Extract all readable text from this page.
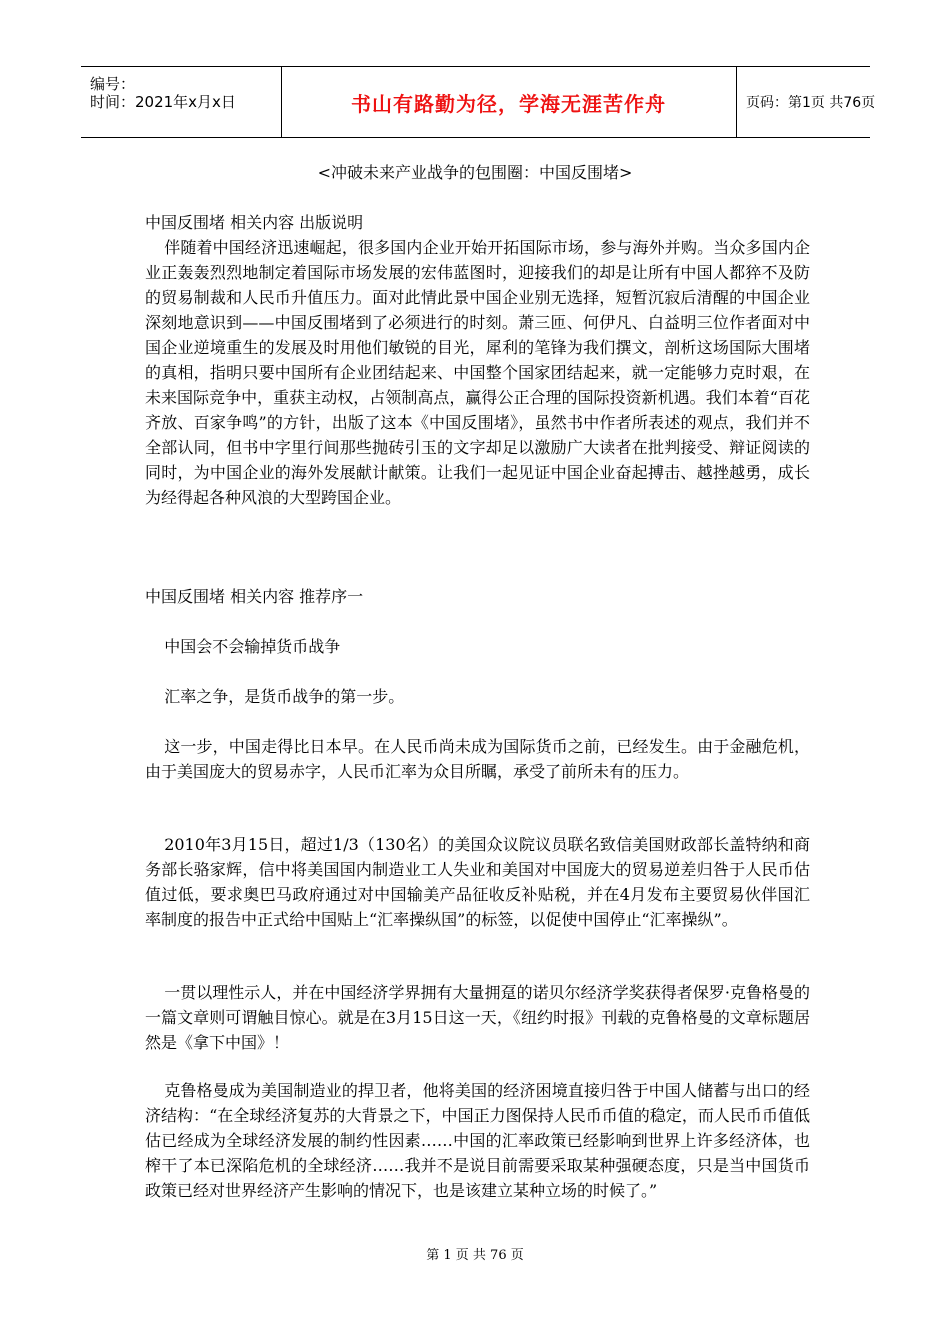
编号：
时间：2021年x月x日	书山有路勤为径，学海无涯苦作舟	页码：第1页 共76页
<冲破未来产业战争的包围圈：中国反围堵>

中国反围堵 相关内容 出版说明

伴随着中国经济迅速崛起，很多国内企业开始开拓国际市场，参与海外并购。当众多国内企业正轰轰烈烈地制定着国际市场发展的宏伟蓝图时，迎接我们的却是让所有中国人都猝不及防的贸易制裁和人民币升值压力。面对此情此景中国企业别无选择，短暂沉寂后清醒的中国企业深刻地意识到——中国反围堵到了必须进行的时刻。萧三匝、何伊凡、白益明三位作者面对中国企业逆境重生的发展及时用他们敏锐的目光，犀利的笔锋为我们撰文，剖析这场国际大围堵的真相，指明只要中国所有企业团结起来、中国整个国家团结起来，就一定能够力克时艰，在未来国际竞争中，重获主动权，占领制高点，赢得公正合理的国际投资新机遇。我们本着“百花齐放、百家争鸣”的方针，出版了这本《中国反围堵》，虽然书中作者所表述的观点，我们并不全部认同，但书中字里行间那些抛砖引玉的文字却足以激励广大读者在批判接受、辩证阅读的同时，为中国企业的海外发展献计献策。让我们一起见证中国企业奋起搏击、越挫越勇，成长为经得起各种风浪的大型跨国企业。

中国反围堵 相关内容 推荐序一

中国会不会输掉货币战争

汇率之争，是货币战争的第一步。

这一步，中国走得比日本早。在人民币尚未成为国际货币之前，已经发生。由于金融危机，由于美国庞大的贸易赤字，人民币汇率为众目所瞩，承受了前所未有的压力。

2010年3月15日，超过1/3（130名）的美国众议院议员联名致信美国财政部长盖特纳和商务部长骆家辉，信中将美国国内制造业工人失业和美国对中国庞大的贸易逆差归咎于人民币估值过低，要求奥巴马政府通过对中国输美产品征收反补贴税，并在4月发布主要贸易伙伴国汇率制度的报告中正式给中国贴上“汇率操纵国”的标签，以促使中国停止“汇率操纵”。

一贯以理性示人，并在中国经济学界拥有大量拥趸的诺贝尔经济学奖获得者保罗·克鲁格曼的一篇文章则可谓触目惊心。就是在3月15日这一天，《纽约时报》刊载的克鲁格曼的文章标题居然是《拿下中国》！

克鲁格曼成为美国制造业的捍卫者，他将美国的经济困境直接归咎于中国人储蓄与出口的经济结构：“在全球经济复苏的大背景之下，中国正力图保持人民币币值的稳定，而人民币币值低估已经成为全球经济发展的制约性因素……中国的汇率政策已经影响到世界上许多经济体，也榨干了本已深陷危机的全球经济……我并不是说目前需要采取某种强硬态度，只是当中国货币政策已经对世界经济产生影响的情况下，也是该建立某种立场的时候了。”

第 1 页 共 76 页
